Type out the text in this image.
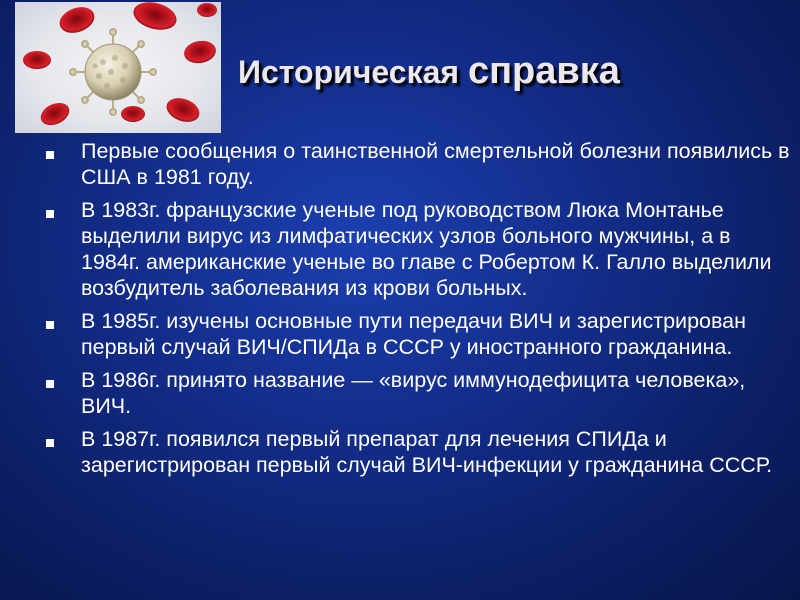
Историческая справка
Первые сообщения о таинственной смертельной болезни появились в США в 1981 году.
В 1983г. французские ученые под руководством Люка Монтанье выделили вирус из лимфатических узлов больного мужчины, а в 1984г. американские ученые во главе с Робертом К. Галло выделили возбудитель заболевания из крови больных.
В 1985г. изучены основные пути передачи ВИЧ и зарегистрирован первый случай ВИЧ/СПИДа в СССР у иностранного гражданина.
В 1986г. принято название — «вирус иммунодефицита человека», ВИЧ.
В 1987г. появился первый препарат для лечения СПИДа и зарегистрирован первый случай ВИЧ-инфекции у гражданина СССР.
